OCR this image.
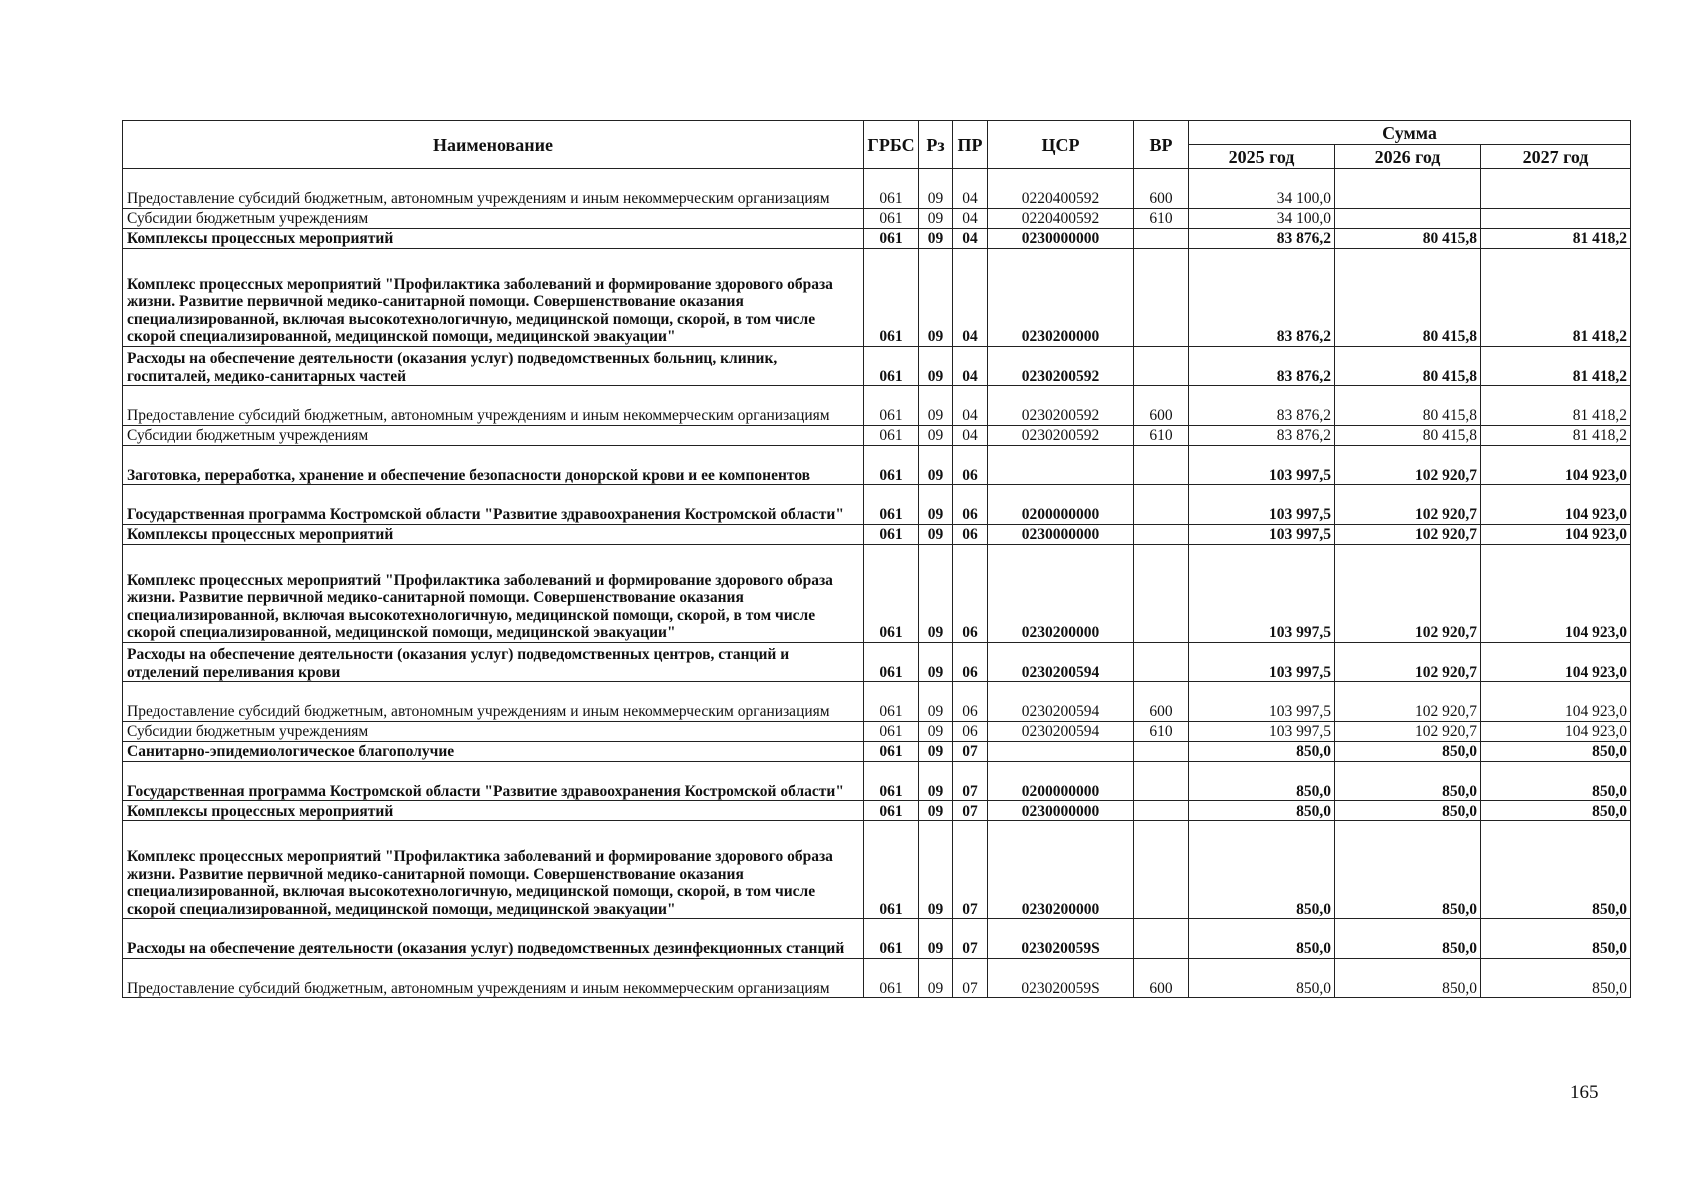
Наименование	ГРБС	Рз	ПР	ЦСР	ВР	Сумма		
						2025 год	2026 год	2027 год
Предоставление субсидий бюджетным, автономным учреждениям и иным некоммерческим организациям	061	09	04	0220400592	600	34 100,0		
Субсидии бюджетным учреждениям	061	09	04	0220400592	610	34 100,0		
Комплексы процессных мероприятий	061	09	04	0230000000		83 876,2	80 415,8	81 418,2
Комплекс процессных мероприятий "Профилактика заболеваний и формирование здорового образа жизни. Развитие первичной медико-санитарной помощи. Совершенствование оказания специализированной, включая высокотехнологичную, медицинской помощи, скорой, в том числе скорой специализированной, медицинской помощи, медицинской эвакуации"	061	09	04	0230200000		83 876,2	80 415,8	81 418,2
Расходы на обеспечение деятельности (оказания услуг) подведомственных больниц, клиник, госпиталей, медико-санитарных частей	061	09	04	0230200592		83 876,2	80 415,8	81 418,2
Предоставление субсидий бюджетным, автономным учреждениям и иным некоммерческим организациям	061	09	04	0230200592	600	83 876,2	80 415,8	81 418,2
Субсидии бюджетным учреждениям	061	09	04	0230200592	610	83 876,2	80 415,8	81 418,2
Заготовка, переработка, хранение и обеспечение безопасности донорской крови и ее компонентов	061	09	06			103 997,5	102 920,7	104 923,0
Государственная программа Костромской области "Развитие здравоохранения Костромской области"	061	09	06	0200000000		103 997,5	102 920,7	104 923,0
Комплексы процессных мероприятий	061	09	06	0230000000		103 997,5	102 920,7	104 923,0
Комплекс процессных мероприятий "Профилактика заболеваний и формирование здорового образа жизни. Развитие первичной медико-санитарной помощи. Совершенствование оказания специализированной, включая высокотехнологичную, медицинской помощи, скорой, в том числе скорой специализированной, медицинской помощи, медицинской эвакуации"	061	09	06	0230200000		103 997,5	102 920,7	104 923,0
Расходы на обеспечение деятельности (оказания услуг) подведомственных центров, станций и отделений переливания крови	061	09	06	0230200594		103 997,5	102 920,7	104 923,0
Предоставление субсидий бюджетным, автономным учреждениям и иным некоммерческим организациям	061	09	06	0230200594	600	103 997,5	102 920,7	104 923,0
Субсидии бюджетным учреждениям	061	09	06	0230200594	610	103 997,5	102 920,7	104 923,0
Санитарно-эпидемиологическое благополучие	061	09	07			850,0	850,0	850,0
Государственная программа Костромской области "Развитие здравоохранения Костромской области"	061	09	07	0200000000		850,0	850,0	850,0
Комплексы процессных мероприятий	061	09	07	0230000000		850,0	850,0	850,0
Комплекс процессных мероприятий "Профилактика заболеваний и формирование здорового образа жизни. Развитие первичной медико-санитарной помощи. Совершенствование оказания специализированной, включая высокотехнологичную, медицинской помощи, скорой, в том числе скорой специализированной, медицинской помощи, медицинской эвакуации"	061	09	07	0230200000		850,0	850,0	850,0
Расходы на обеспечение деятельности (оказания услуг) подведомственных дезинфекционных станций	061	09	07	023020059S		850,0	850,0	850,0
Предоставление субсидий бюджетным, автономным учреждениям и иным некоммерческим организациям	061	09	07	023020059S	600	850,0	850,0	850,0
165
